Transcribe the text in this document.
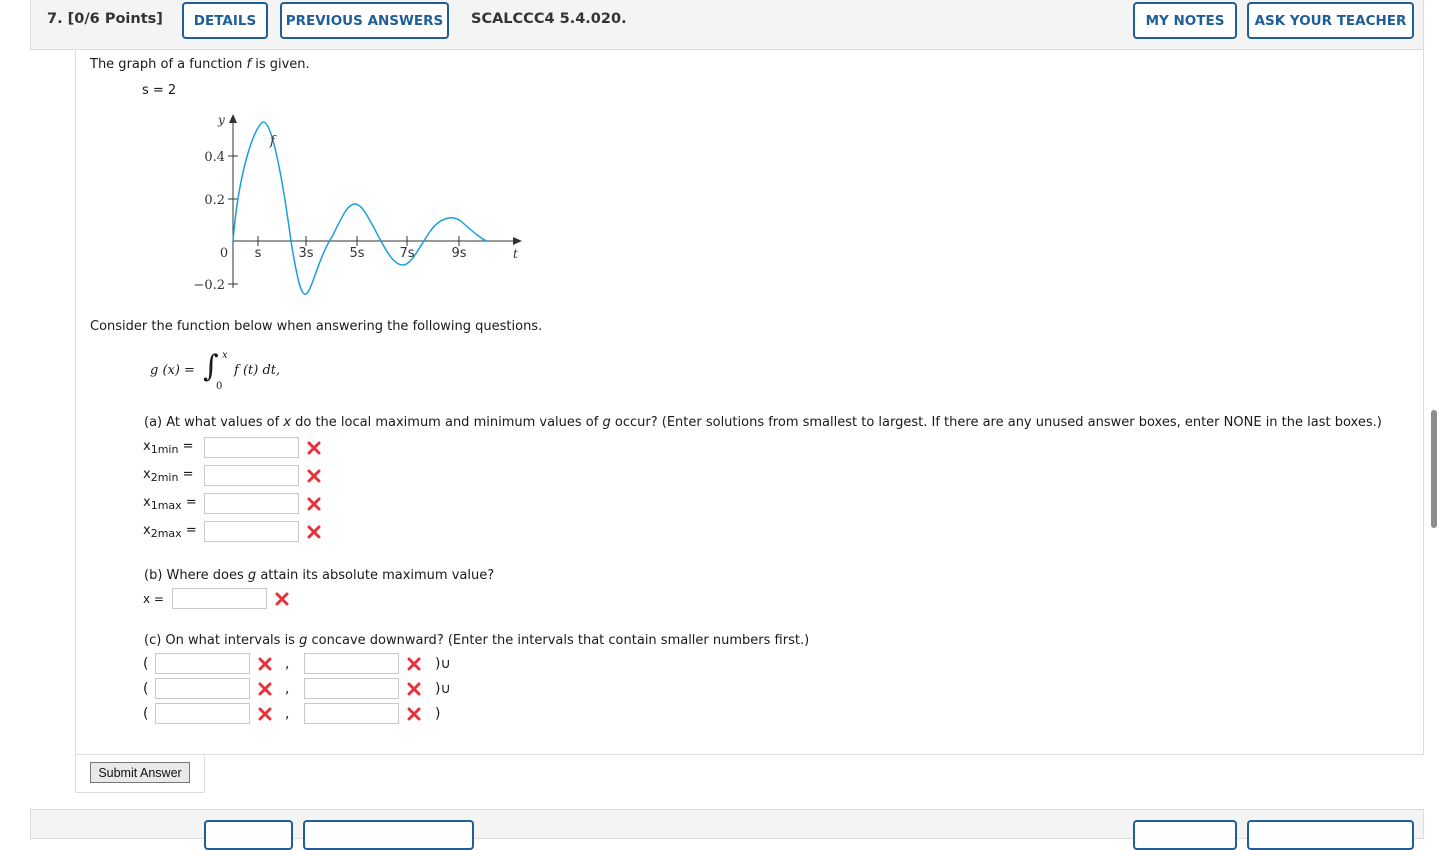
7. [0/6 Points]	DETAILS	PREVIOUS ANSWERS	SCALCCC4 5.4.020.	MY NOTES	ASK YOUR TEACHER
The graph of a function f is given.
s = 2
y
f
t
0.4
0.2
−0.2
0 s	3s	5s	7s	9s
Consider the function below when answering the following questions.
g (x) = ∫ x
0
f (t) dt,
(a) At what values of x do the local maximum and minimum values of g occur? (Enter solutions from smallest to largest. If there are any unused answer boxes, enter NONE in the last boxes.)
$x_{1min}$ =
$x_{2min}$ =
$x_{1max}$ =
$x_{2max}$ =
(b) Where does g attain its absolute maximum value?
x =
(c) On what intervals is g concave downward? (Enter the intervals that contain smaller numbers first.)
(	,	)∪
(	,	)∪
(	,	)
Submit Answer
